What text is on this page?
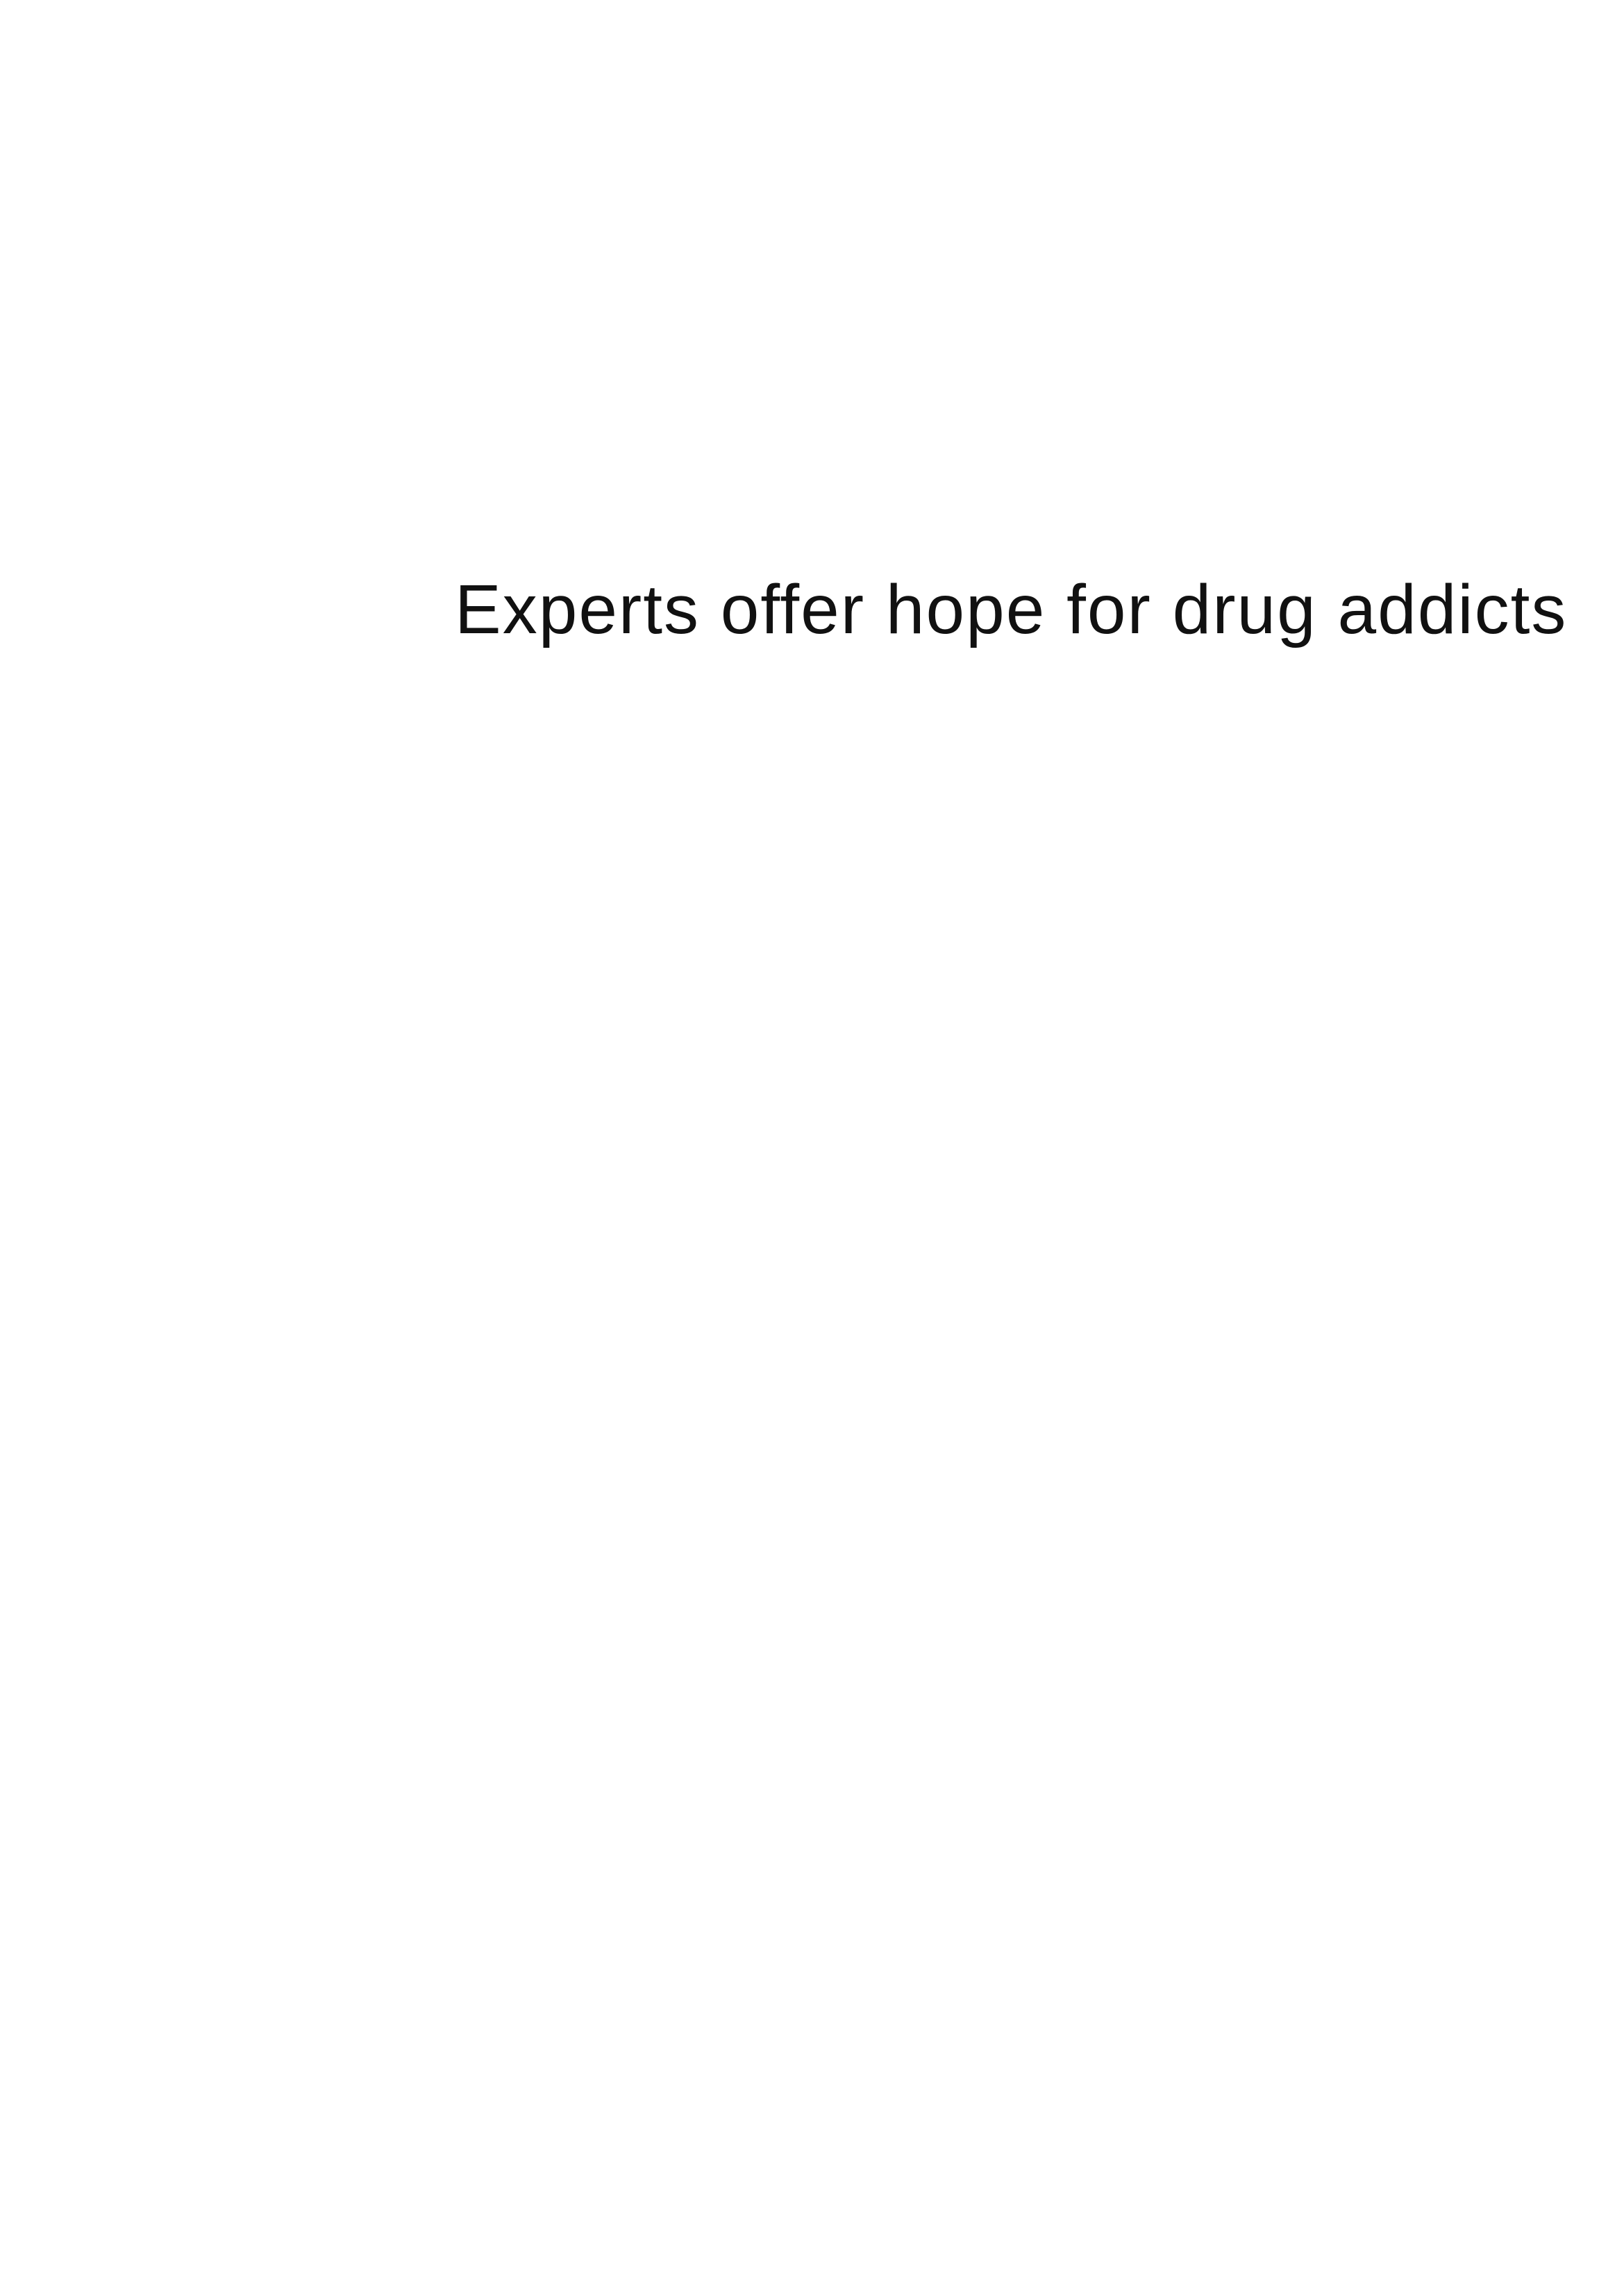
Experts offer hope for drug addicts
